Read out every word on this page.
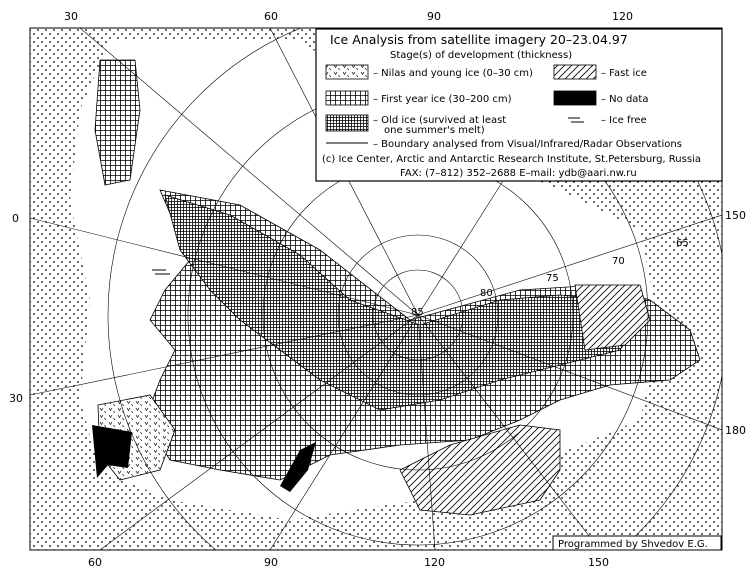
85
80
75
70
65
30	60	90	120
60	90	120	150
0
30
150
180
Ice Analysis from satellite imagery 20–23.04.97
Stage(s) of development (thickness)
– Nilas and young ice (0–30 cm)	– Fast ice
– First year ice (30–200 cm)	– No data
– Old ice (survived at least
one summer's melt)
– Ice free
– Boundary analysed from Visual/Infrared/Radar Observations
(c) Ice Center, Arctic and Antarctic Research Institute, St.Petersburg, Russia
FAX: (7–812) 352–2688 E–mail: ydb@aari.nw.ru
Programmed by Shvedov E.G.
